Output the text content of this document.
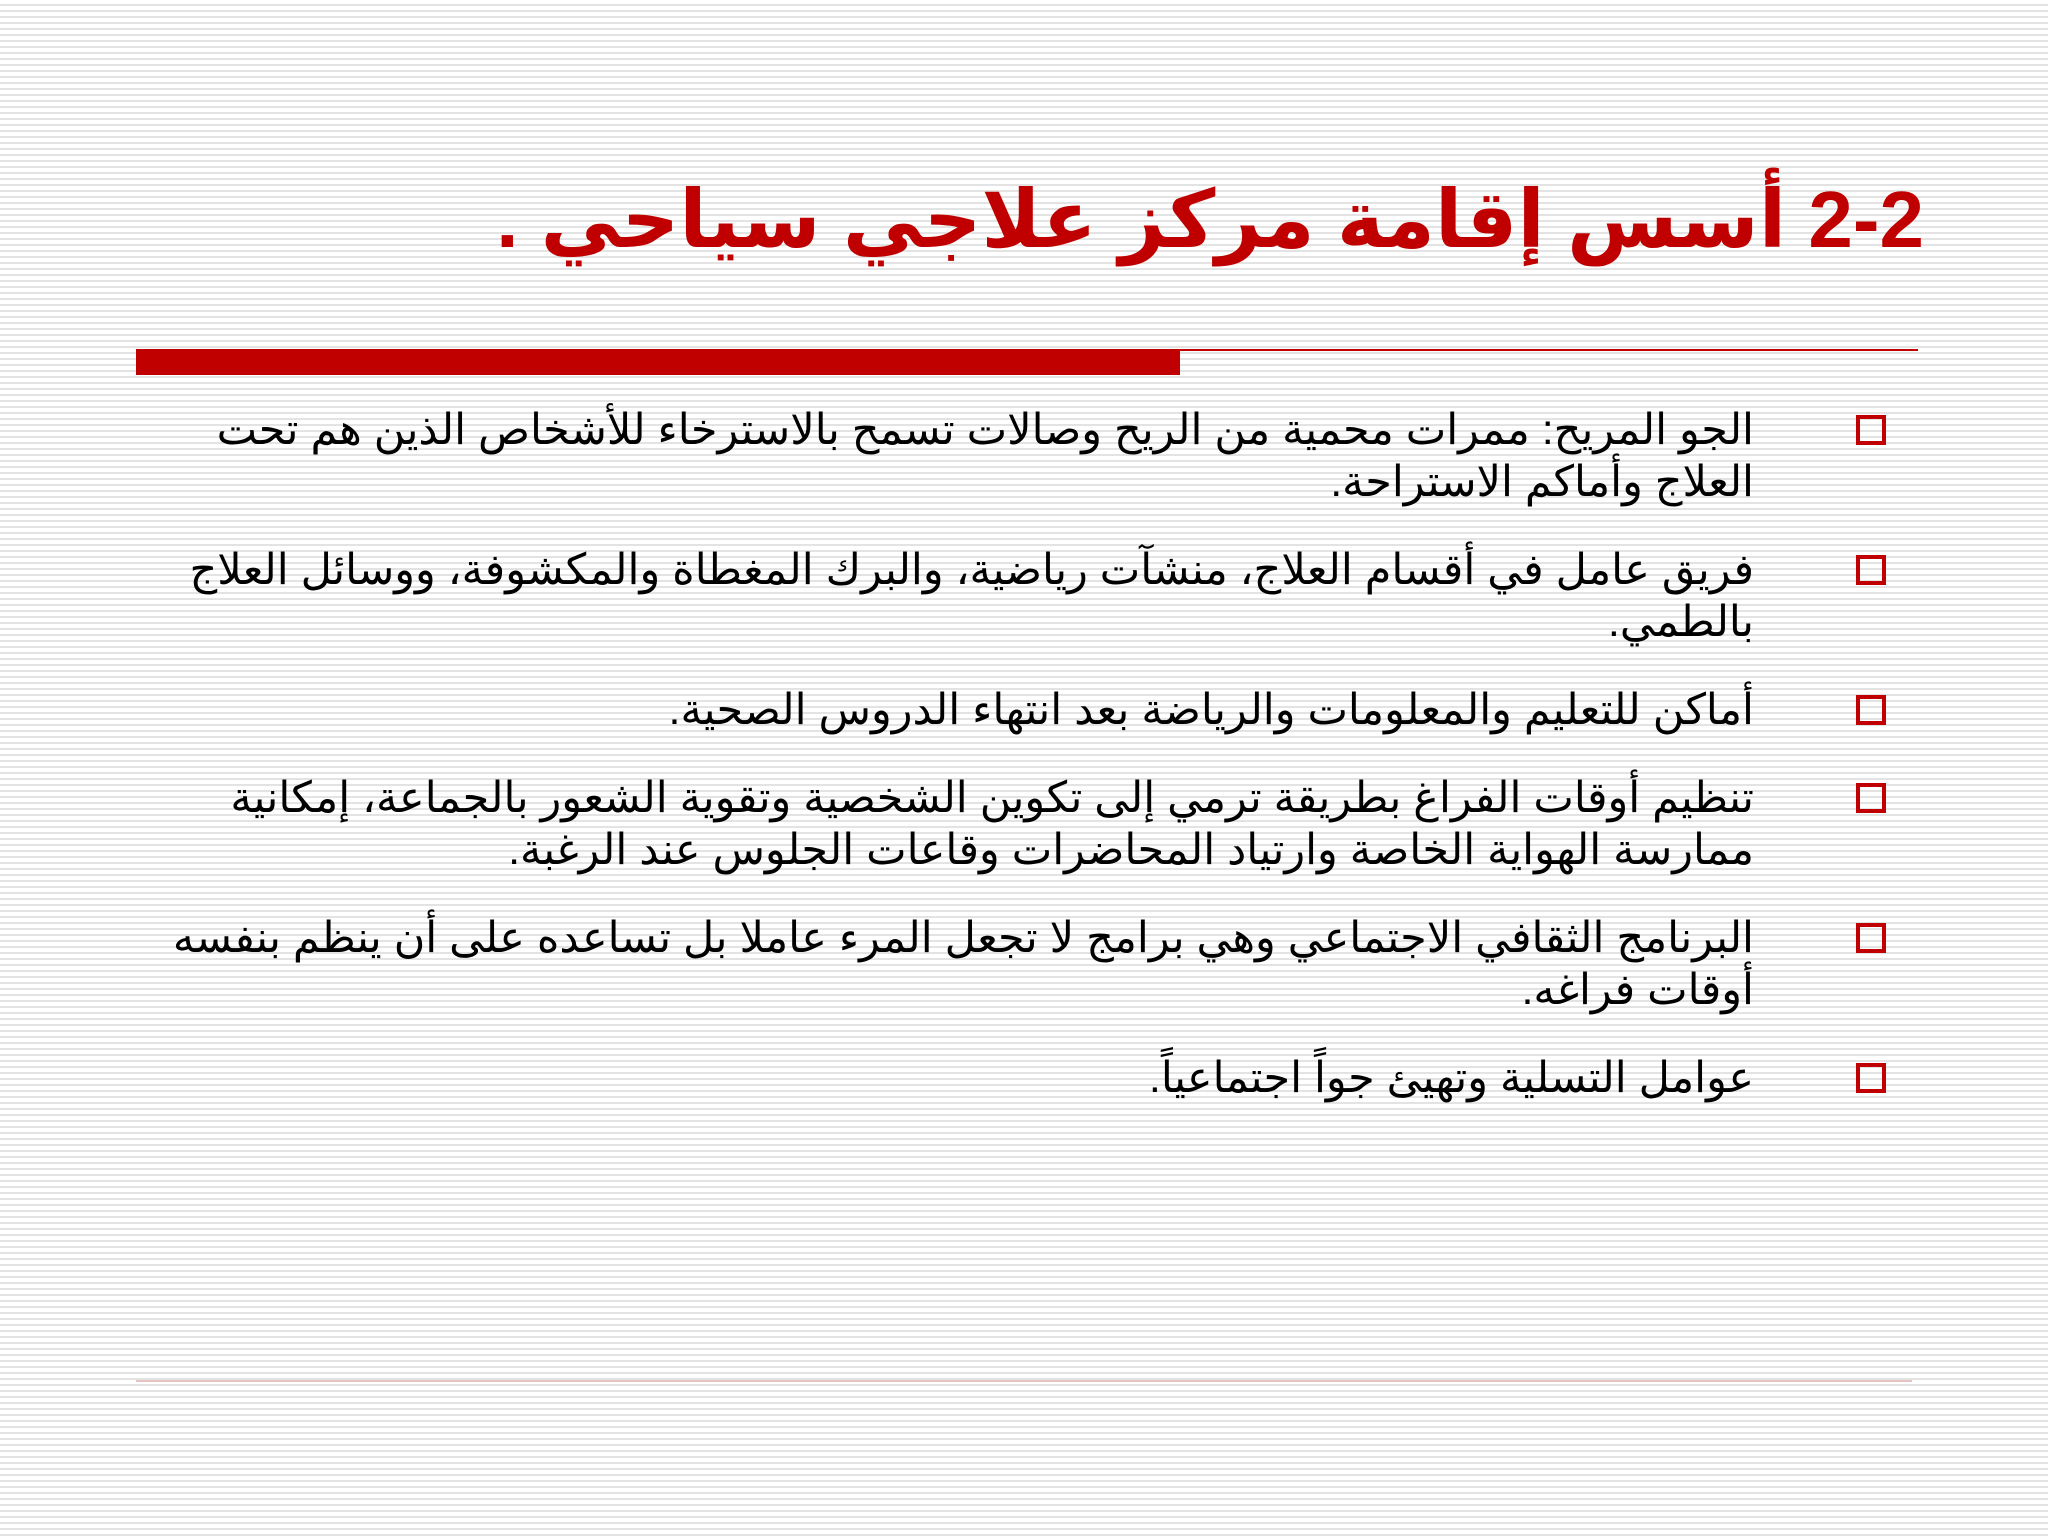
2-2 أسس إقامة مركز علاجي سياحي .
الجو المريح: ممرات محمية من الريح وصالات تسمح بالاسترخاء للأشخاص الذين هم تحت العلاج وأماكم الاستراحة.
فريق عامل في أقسام العلاج، منشآت رياضية، والبرك المغطاة والمكشوفة، ووسائل العلاج بالطمي.
أماكن للتعليم والمعلومات والرياضة بعد انتهاء الدروس الصحية.
تنظيم أوقات الفراغ بطريقة ترمي إلى تكوين الشخصية وتقوية الشعور بالجماعة، إمكانية ممارسة الهواية الخاصة وارتياد المحاضرات وقاعات الجلوس عند الرغبة.
البرنامج الثقافي الاجتماعي وهي برامج لا تجعل المرء عاملا بل تساعده على أن ينظم بنفسه أوقات فراغه.
عوامل التسلية وتهيئ جواً اجتماعياً.
